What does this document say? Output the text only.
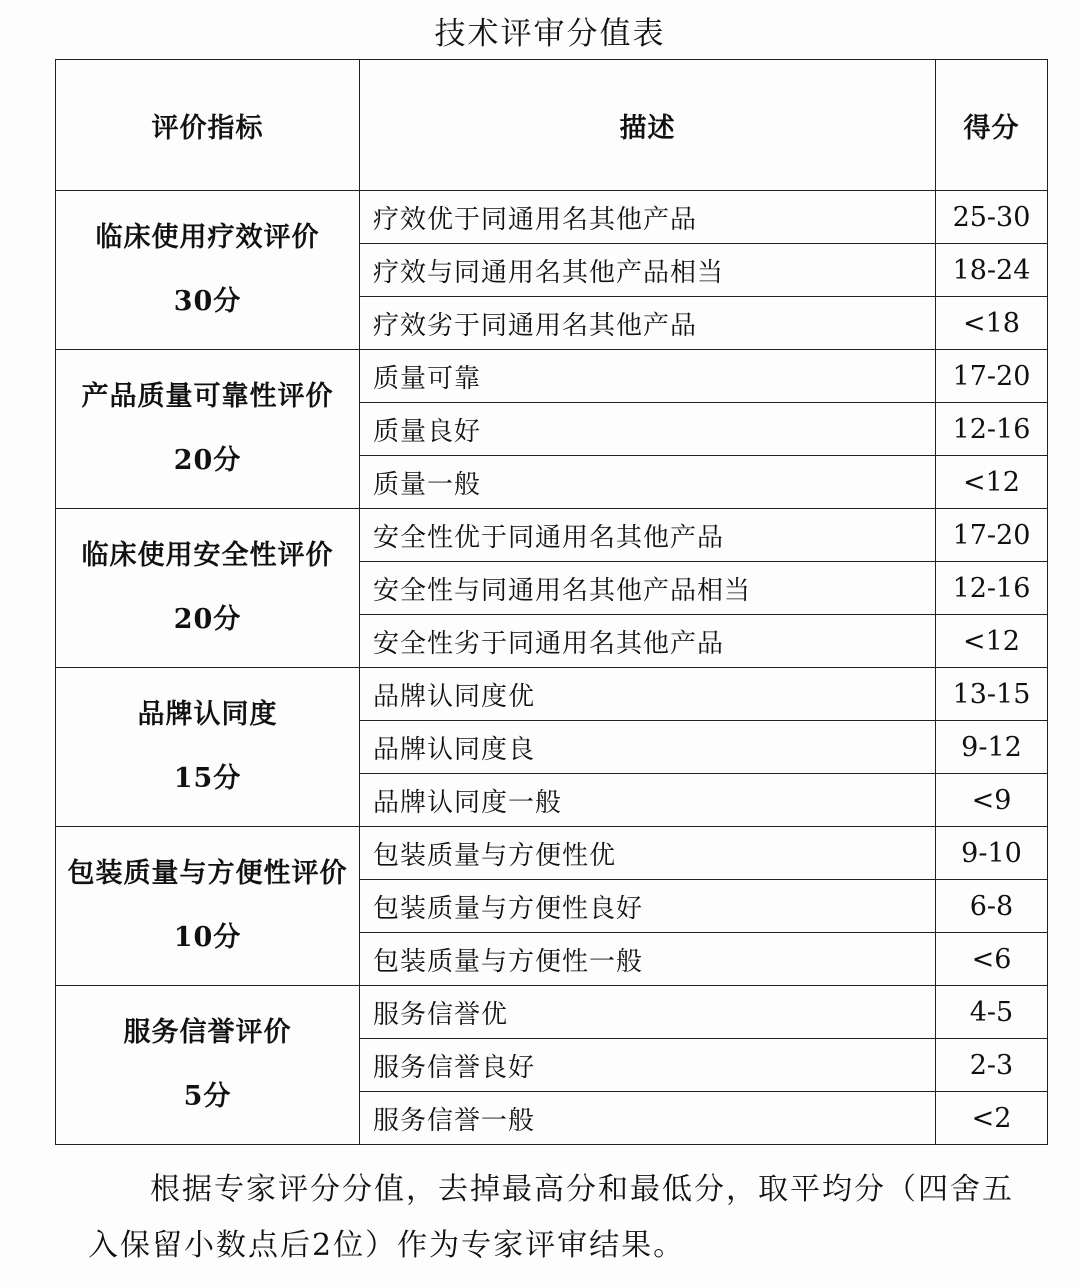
技术评审分值表
评价指标	描述	得分

临床使用疗效评价
30分	疗效优于同通用名其他产品	25-30
	疗效与同通用名其他产品相当	18-24
	疗效劣于同通用名其他产品	<18

产品质量可靠性评价
20分	质量可靠	17-20
	质量良好	12-16
	质量一般	<12

临床使用安全性评价
20分	安全性优于同通用名其他产品	17-20
	安全性与同通用名其他产品相当	12-16
	安全性劣于同通用名其他产品	<12

品牌认同度
15分	品牌认同度优	13-15
	品牌认同度良	9-12
	品牌认同度一般	<9

包装质量与方便性评价
10分	包装质量与方便性优	9-10
	包装质量与方便性良好	6-8
	包装质量与方便性一般	<6

服务信誉评价
5分	服务信誉优	4-5
	服务信誉良好	2-3
	服务信誉一般	<2
根据专家评分分值，去掉最高分和最低分，取平均分（四舍五入保留小数点后2位）作为专家评审结果。
